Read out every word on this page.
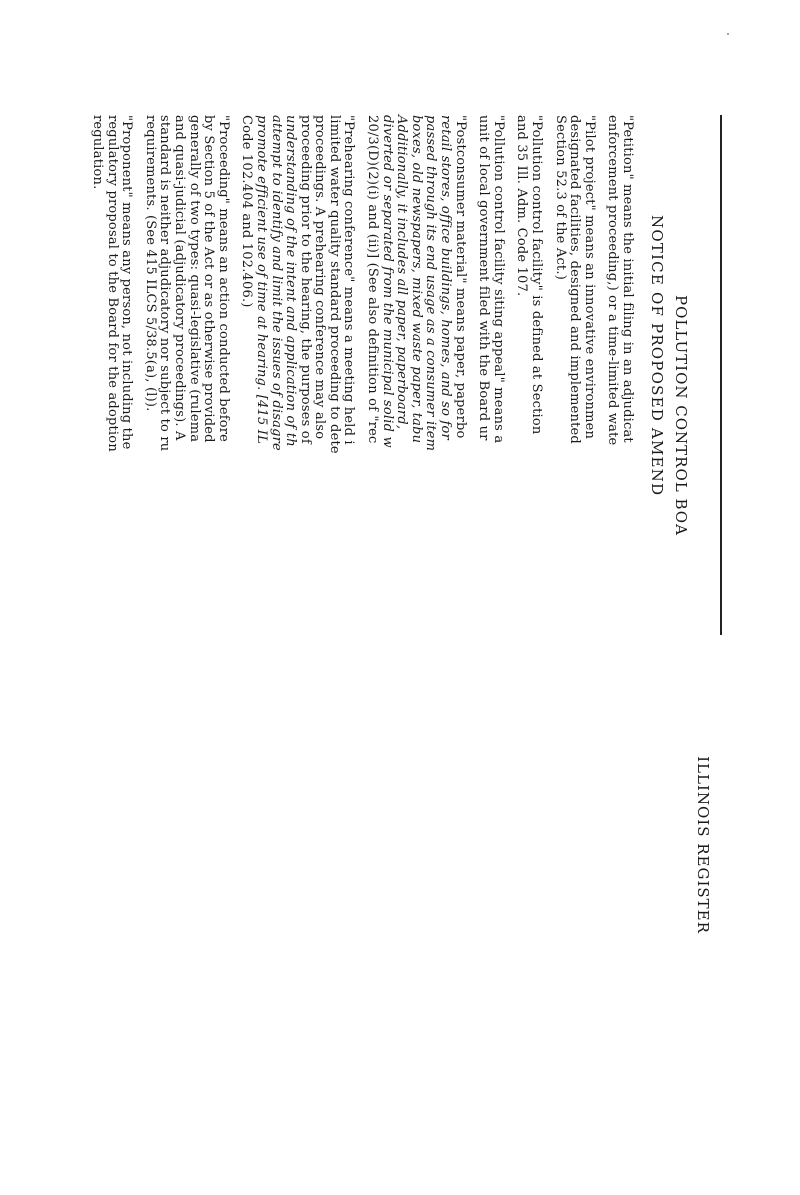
ILLINOIS REGISTER
POLLUTION CONTROL BOA
NOTICE OF PROPOSED AMEND

"Petition" means the initial filing in an adjudicat
enforcement proceeding,) or a time-limited wate

"Pilot project" means an innovative environmen
designated facilities, designed and implemented
Section 52.3 of the Act.)

"Pollution control facility" is defined at Section
and 35 Ill. Adm. Code 107.

"Pollution control facility siting appeal" means a
unit of local government filed with the Board ur

"Postconsumer material" means paper, paperbo
retail stores, office buildings, homes, and so for
passed through its end usage as a consumer item
boxes, old newspapers, mixed waste paper, tabu
Additionally, it includes all paper, paperboard,
diverted or separated from the municipal solid w
20/3(D)(2)(i) and (ii)] (See also definition of "rec

"Prehearing conference" means a meeting held i
limited water quality standard proceeding to dete
proceedings. A prehearing conference may also
proceeding prior to the hearing, the purposes of
understanding of the intent and application of th
attempt to identify and limit the issues of disagre
promote efficient use of time at hearing. [415 IL
Code 102.404 and 102.406.)

"Proceeding" means an action conducted before
by Section 5 of the Act or as otherwise provided
generally of two types: quasi-legislative (rulema
and quasi-judicial (adjudicatory proceedings). A
standard is neither adjudicatory nor subject to ru
requirements. (See 415 ILCS 5/38.5(a), (l)).

"Proponent" means any person, not including the
regulatory proposal to the Board for the adoption
regulation.
